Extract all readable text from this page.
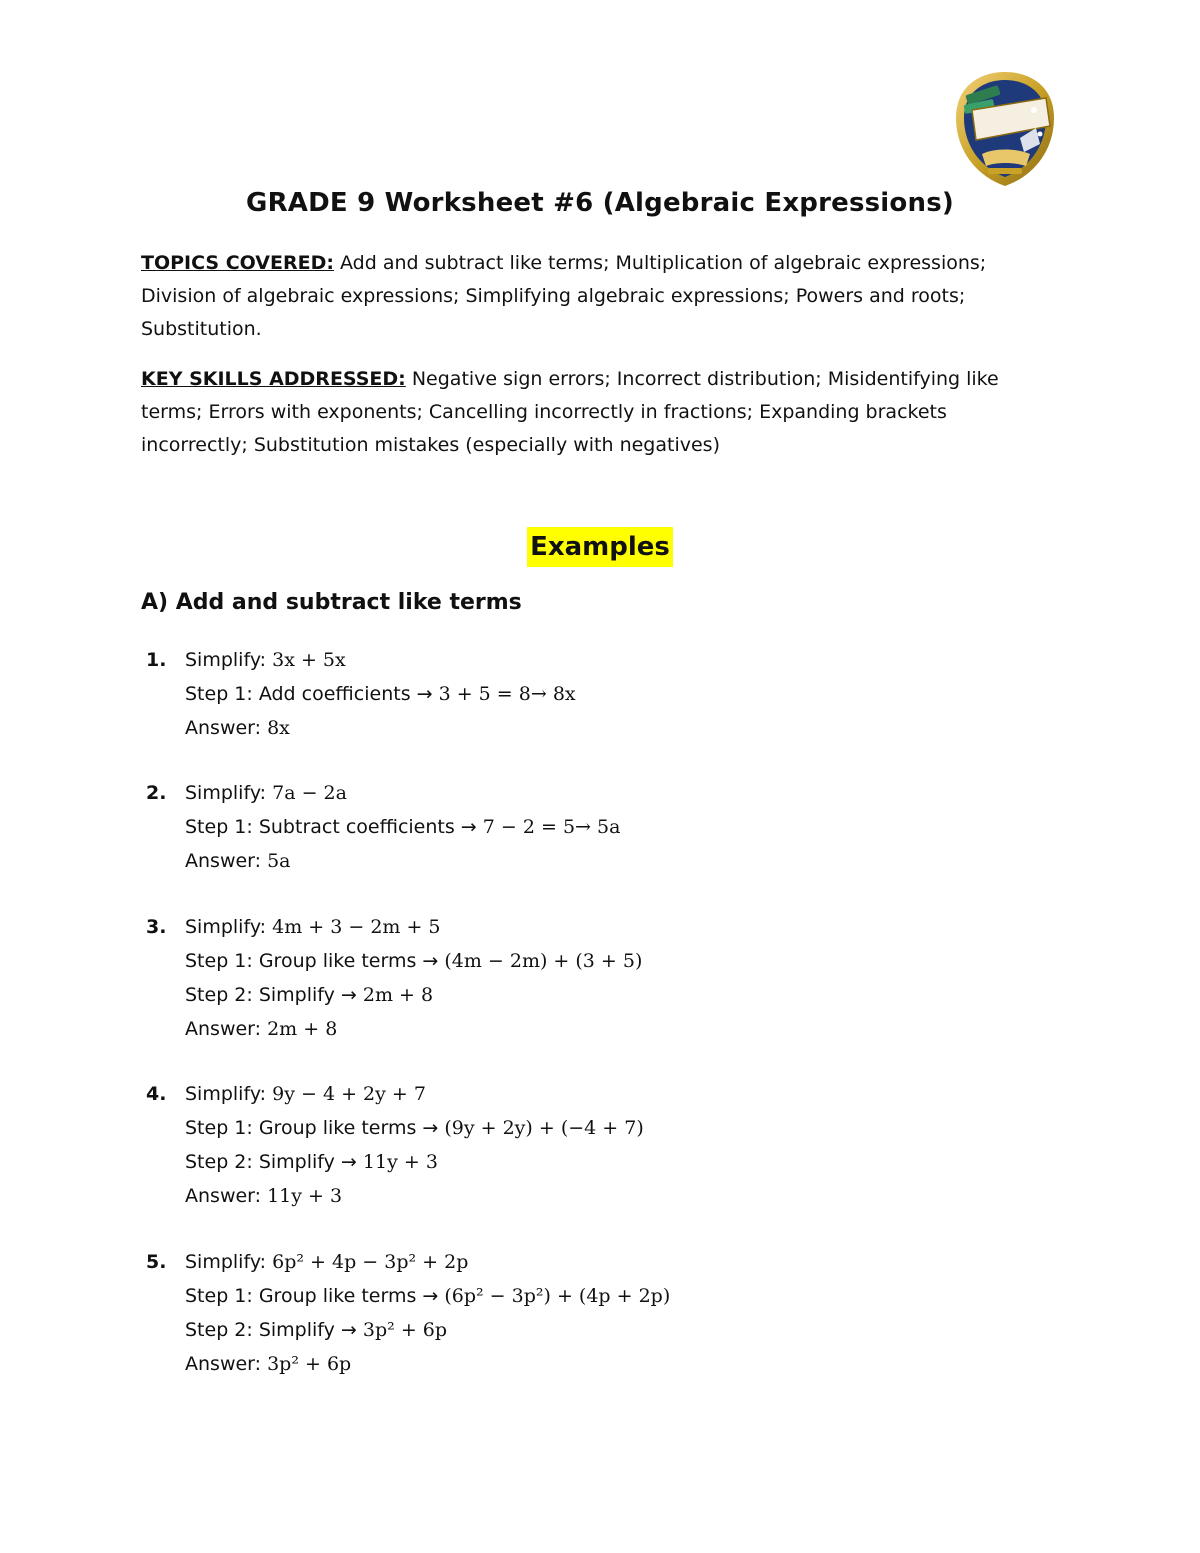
GRADE 9 Worksheet #6 (Algebraic Expressions)
TOPICS COVERED: Add and subtract like terms; Multiplication of algebraic expressions; Division of algebraic expressions; Simplifying algebraic expressions; Powers and roots; Substitution.
KEY SKILLS ADDRESSED: Negative sign errors; Incorrect distribution; Misidentifying like terms; Errors with exponents; Cancelling incorrectly in fractions; Expanding brackets incorrectly; Substitution mistakes (especially with negatives)
Examples
A) Add and subtract like terms
1. Simplify: 3x + 5x
Step 1: Add coefficients → 3 + 5 = 8→ 8x
Answer: 8x
2. Simplify: 7a − 2a
Step 1: Subtract coefficients → 7 − 2 = 5→ 5a
Answer: 5a
3. Simplify: 4m + 3 − 2m + 5
Step 1: Group like terms → (4m − 2m) + (3 + 5)
Step 2: Simplify → 2m + 8
Answer: 2m + 8
4. Simplify: 9y − 4 + 2y + 7
Step 1: Group like terms → (9y + 2y) + (−4 + 7)
Step 2: Simplify → 11y + 3
Answer: 11y + 3
5. Simplify: 6p² + 4p − 3p² + 2p
Step 1: Group like terms → (6p² − 3p²) + (4p + 2p)
Step 2: Simplify → 3p² + 6p
Answer: 3p² + 6p
